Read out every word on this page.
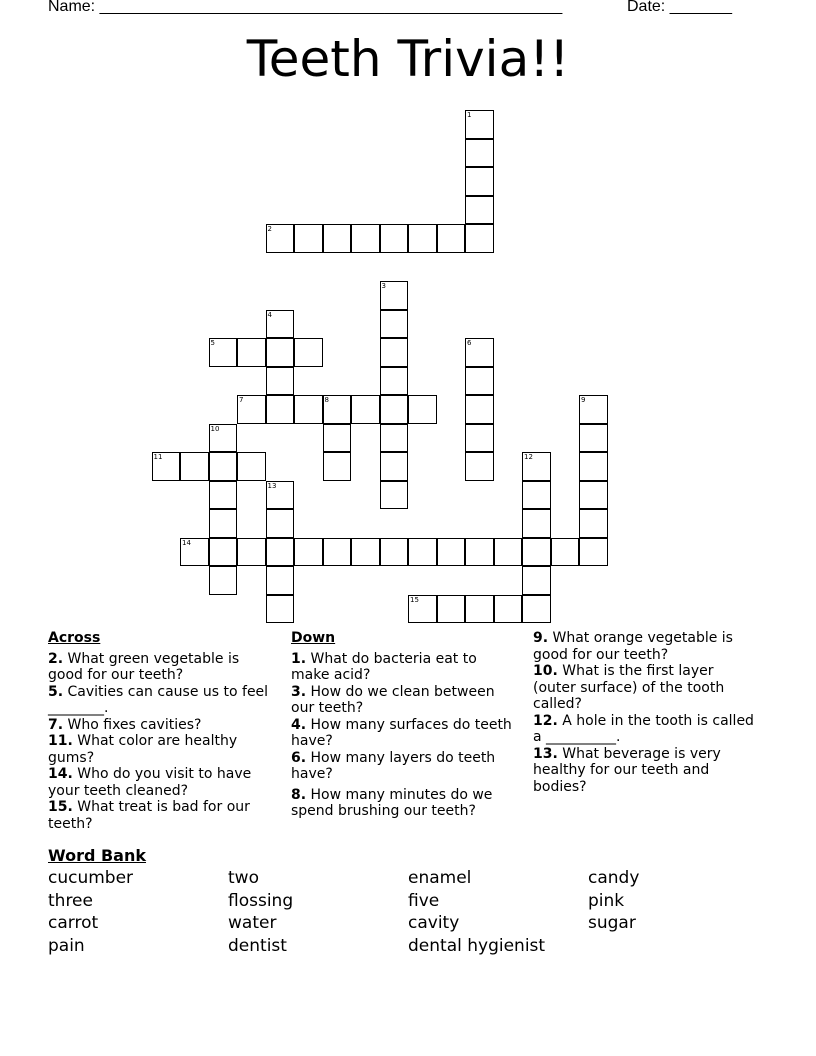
Name: ____________________________________________________	Date: _______
Teeth Trivia!!
1
2
3
4
5	6
7	8	9
10
11	12
13
14
15
Across
2. What green vegetable is good for our teeth?
5. Cavities can cause us to feel ________.
7. Who fixes cavities?
11. What color are healthy gums?
14. Who do you visit to have your teeth cleaned?
15. What treat is bad for our teeth?
Down
1. What do bacteria eat to make acid?
3. How do we clean between our teeth?
4. How many surfaces do teeth have?
6. How many layers do teeth have?
8. How many minutes do we spend brushing our teeth?
9. What orange vegetable is good for our teeth?
10. What is the first layer (outer surface) of the tooth called?
12. A hole in the tooth is called a __________.
13. What beverage is very healthy for our teeth and bodies?
Word Bank
cucumber
three
carrot
pain
two
flossing
water
dentist
enamel
five
cavity
dental hygienist
candy
pink
sugar
